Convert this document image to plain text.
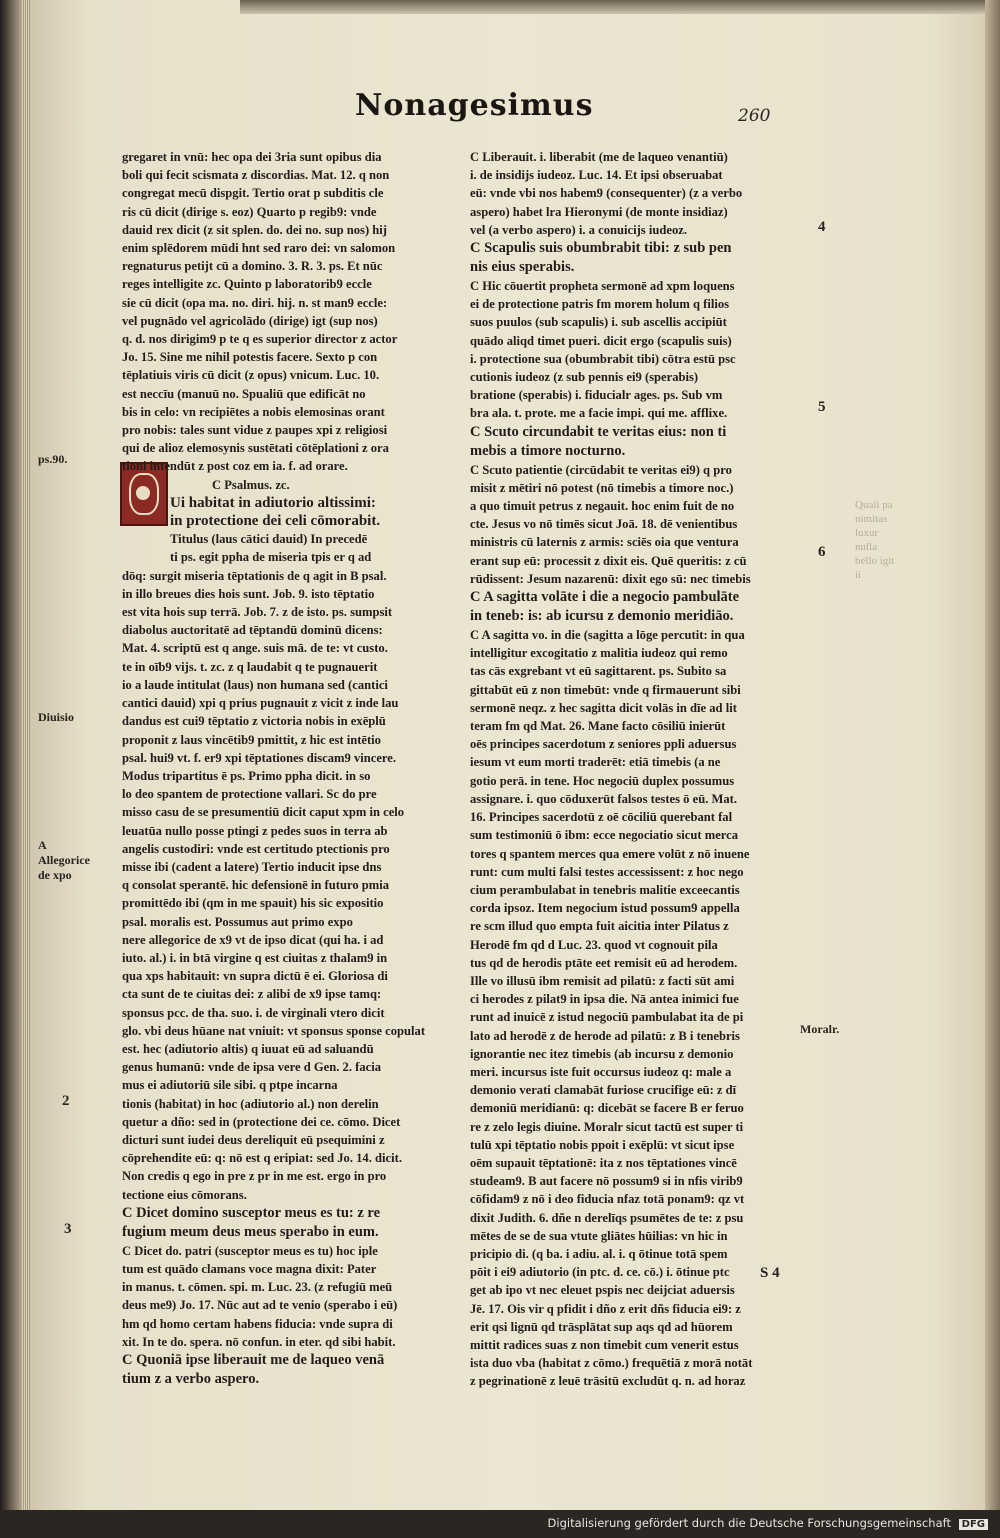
Nonagesimus	260
ps.90.
Diuisio
A
Allegorice
de xpo
2
3
4
5
6
Moralr.
Quali pa
nimitas
luxur
nulla
bello igit
ii

gregaret in vnū: hec opa dei 3ria sunt opibus dia

boli qui fecit scismata z discordias. Mat. 12. q non

congregat mecū dispgit. Tertio orat p subditis cle

ris cū dicit (dirige s. eoz) Quarto p regib9: vnde

dauid rex dicit (z sit splen. do. dei no. sup nos) hij

enim splēdorem mūdi hnt sed raro dei: vn salomon

regnaturus petijt cū a domino. 3. R. 3. ps. Et nūc

reges intelligite zc. Quinto p laboratorib9 eccle

sie cū dicit (opa ma. no. diri. hij. n. st man9 eccle:

vel pugnādo vel agricolādo (dirige) igt (sup nos)

q. d. nos dirigim9 p te q es superior director z actor

Jo. 15. Sine me nihil potestis facere. Sexto p con

tēplatiuis viris cū dicit (z opus) vnicum. Luc. 10.

est neccīu (manuū no. Spualiū que edificāt no

bis in celo: vn recipiētes a nobis elemosinas orant

pro nobis: tales sunt vidue z paupes xpi z religiosi

qui de alioz elemosynis sustētati cōtēplationi z ora

tioni intendūt z post coz em ia. f. ad orare.

C Psalmus. zc.

Ui habitat in adiutorio altissimi:

in protectione dei celi cōmorabit.

Titulus (laus cātici dauid) In precedē

ti ps. egit ppha de miseria tpis er q ad

dōq: surgit miseria tēptationis de q agit in B psal.

in illo breues dies hois sunt. Job. 9. isto tēptatio

est vita hois sup terrā. Job. 7. z de isto. ps. sumpsit

diabolus auctoritatē ad tēptandū dominū dicens:

Mat. 4. scriptū est q ange. suis mā. de te: vt custo.

te in oīb9 vijs. t. zc. z q laudabit q te pugnauerit

io a laude intitulat (laus) non humana sed (cantici

cantici dauid) xpi q prius pugnauit z vicit z inde lau

dandus est cui9 tēptatio z victoria nobis in exēplū

proponit z laus vincētib9 pmittit, z hic est intētio

psal. hui9 vt. f. er9 xpi tēptationes discam9 vincere.

Modus tripartitus ē ps. Primo ppha dicit. in so

lo deo spantem de protectione vallari. Sc do pre

misso casu de se presumentiū dicit caput xpm in celo

leuatūa nullo posse ptingi z pedes suos in terra ab

angelis custodiri: vnde est certitudo ptectionis pro

misse ibi (cadent a latere) Tertio inducit ipse dns

q consolat sperantē. hic defensionē in futuro pmia

promittēdo ibi (qm in me spauit) his sic expositio

psal. moralis est. Possumus aut primo expo

nere allegorice de x9 vt de ipso dicat (qui ha. i ad

iuto. al.) i. in btā virgine q est ciuitas z thalam9 in

qua xps habitauit: vn supra dictū ē ei. Gloriosa di

cta sunt de te ciuitas dei: z alibi de x9 ipse tamq:

sponsus pcc. de tha. suo. i. de virginali vtero dicit

glo. vbi deus hūane nat vniuit: vt sponsus sponse copulat

est. hec (adiutorio altis) q iuuat eū ad saluandū

genus humanū: vnde de ipsa vere d Gen. 2. facia

mus ei adiutoriū sile sibi. q ptpe incarna

tionis (habitat) in hoc (adiutorio al.) non derelin

quetur a dño: sed in (protectione dei ce. cōmo. Dicet

dicturi sunt iudei deus dereliquit eū psequimini z

cōprehendite eū: q: nō est q eripiat: sed Jo. 14. dicit.

Non credis q ego in pre z pr in me est. ergo in pro

tectione eius cōmorans.

C Dicet domino susceptor meus es tu: z re

fugium meum deus meus sperabo in eum.

C Dicet do. patri (susceptor meus es tu) hoc iple

tum est quādo clamans voce magna dixit: Pater

in manus. t. cōmen. spi. m. Luc. 23. (z refugiū meū

deus me9) Jo. 17. Nūc aut ad te venio (sperabo i eū)

hm qd homo certam habens fiducia: vnde supra di

xit. In te do. spera. nō confun. in eter. qd sibi habit.

C Quoniā ipse liberauit me de laqueo venā

tium z a verbo aspero.

C Liberauit. i. liberabit (me de laqueo venantiū)

i. de insidijs iudeoz. Luc. 14. Et ipsi obseruabat

eū: vnde vbi nos habem9 (consequenter) (z a verbo

aspero) habet lra Hieronymi (de monte insidiaz)

vel (a verbo aspero) i. a conuicijs iudeoz.

C Scapulis suis obumbrabit tibi: z sub pen

nis eius sperabis.

C Hic cōuertit propheta sermonē ad xpm loquens

ei de protectione patris fm morem holum q filios

suos puulos (sub scapulis) i. sub ascellis accipiūt

quādo aliqd timet pueri. dicit ergo (scapulis suis)

i. protectione sua (obumbrabit tibi) cōtra estū psc

cutionis iudeoz (z sub pennis ei9 (sperabis)

bratione (sperabis) i. fiducialr ages. ps. Sub vm

bra ala. t. prote. me a facie impi. qui me. afflixe.

C Scuto circundabit te veritas eius: non ti

mebis a timore nocturno.

C Scuto patientie (circūdabit te veritas ei9) q pro

misit z mētiri nō potest (nō timebis a timore noc.)

a quo timuit petrus z negauit. hoc enim fuit de no

cte. Jesus vo nō timēs sicut Joā. 18. dē venientibus

ministris cū laternis z armis: sciēs oia que ventura

erant sup eū: processit z dixit eis. Quē queritis: z cū

rūdissent: Jesum nazarenū: dixit ego sū: nec timebis

C A sagitta volāte i die a negocio pambulāte

in teneb: is: ab icursu z demonio meridiāo.

C A sagitta vo. in die (sagitta a lōge percutit: in qua

intelligitur excogitatio z malitia iudeoz qui remo

tas cās exgrebant vt eū sagittarent. ps. Subito sa

gittabūt eū z non timebūt: vnde q firmauerunt sibi

sermonē neqz. z hec sagitta dicit volās in dīe ad lit

teram fm qd Mat. 26. Mane facto cōsiliū inierūt

oēs principes sacerdotum z seniores ppli aduersus

iesum vt eum morti traderēt: etiā timebis (a ne

gotio perā. in tene. Hoc negociū duplex possumus

assignare. i. quo cōduxerūt falsos testes ō eū. Mat.

16. Principes sacerdotū z oē cōciliū querebant fal

sum testimoniū ō ibm: ecce negociatio sicut merca

tores q spantem merces qua emere volūt z nō inuene

runt: cum multi falsi testes accessissent: z hoc nego

cium perambulabat in tenebris malitie exceecantis

corda ipsoz. Item negocium istud possum9 appella

re scm illud quo empta fuit aicitia inter Pilatus z

Herodē fm qd d Luc. 23. quod vt cognouit pila

tus qd de herodis ptāte eet remisit eū ad herodem.

Ille vo illusū ibm remisit ad pilatū: z facti sūt ami

ci herodes z pilat9 in ipsa die. Nā antea inimici fue

runt ad inuicē z istud negociū pambulabat ita de pi

lato ad herodē z de herode ad pilatū: z B i tenebris

ignorantie nec itez timebis (ab incursu z demonio

meri. incursus iste fuit occursus iudeoz q: male a

demonio verati clamabāt furiose crucifige eū: z dī

demoniū meridianū: q: dicebāt se facere B er feruo

re z zelo legis diuine. Moralr sicut tactū est super ti

tulū xpi tēptatio nobis ppoit i exēplū: vt sicut ipse

oēm supauit tēptationē: ita z nos tēptationes vincē

studeam9. B aut facere nō possum9 si in nfis virib9

cōfidam9 z nō i deo fiducia nfaz totā ponam9: qz vt

dixit Judith. 6. dñe n derelīqs psumētes de te: z psu

mētes de se de sua vtute gliātes hūilias: vn hic in

pricipio di. (q ba. i adiu. al. i. q ōtinue totā spem

pōit i ei9 adiutorio (in ptc. d. ce. cō.) i. ōtinue ptc

get ab ipo vt nec eleuet pspis nec deijciat aduersis

Jē. 17. Ois vir q pfidit i dño z erit dñs fiducia ei9: z

erit qsi lignū qd trāsplātat sup aqs qd ad hūorem

mittit radices suas z non timebit cum venerit estus

ista duo vba (habitat z cōmo.) frequētiā z morā notāt

z pegrinationē z leuē trāsitū excludūt q. n. ad horaz

S 4
Digitalisierung gefördert durch die Deutsche Forschungsgemeinschaft DFG
